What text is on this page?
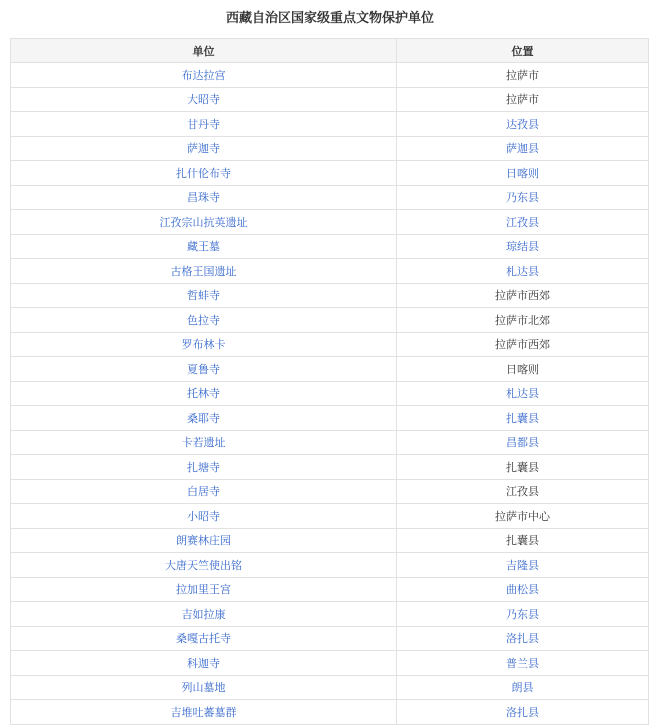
西藏自治区国家级重点文物保护单位
单位	位置
布达拉宫	拉萨市
大昭寺	拉萨市
甘丹寺	达孜县
萨迦寺	萨迦县
扎什伦布寺	日喀则
昌珠寺	乃东县
江孜宗山抗英遗址	江孜县
藏王墓	琼结县
古格王国遗址	札达县
哲蚌寺	拉萨市西郊
色拉寺	拉萨市北郊
罗布林卡	拉萨市西郊
夏鲁寺	日喀则
托林寺	札达县
桑耶寺	扎囊县
卡若遗址	昌都县
扎塘寺	扎囊县
白居寺	江孜县
小昭寺	拉萨市中心
朗赛林庄园	扎囊县
大唐天竺使出铭	吉隆县
拉加里王宫	曲松县
吉如拉康	乃东县
桑嘎古托寺	洛扎县
科迦寺	普兰县
列山墓地	朗县
吉堆吐蕃墓群	洛扎县
